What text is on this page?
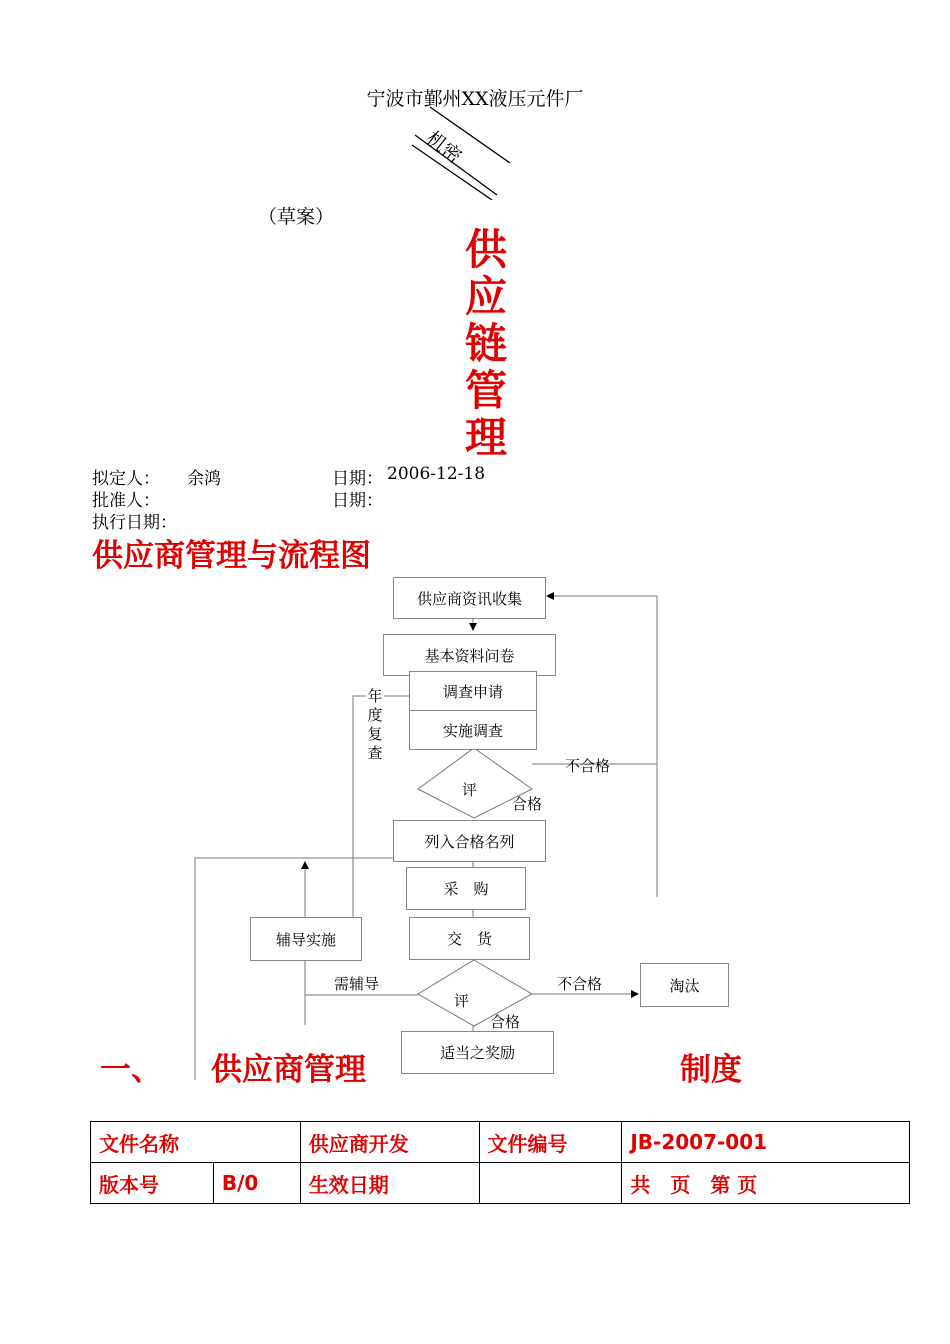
宁波市鄞州XX液压元件厂
机密
（草案）
供
应
链
管
理
拟定人： 余鸿	日期： 2006-12-18
批准人：	日期：
执行日期：
供应商管理与流程图
供应商资讯收集
基本资料问卷
调查申请
实施调查
评
不合格
合格
年
度
复
查
列入合格名列
采　购
交　货
辅导实施
需辅导
评
不合格	淘汰
合格
适当之奖励
一、 供应商管理	制度
文件名称		供应商开发	文件编号	JB-2007-001
版本号	B/0	生效日期		共　页　第 页
